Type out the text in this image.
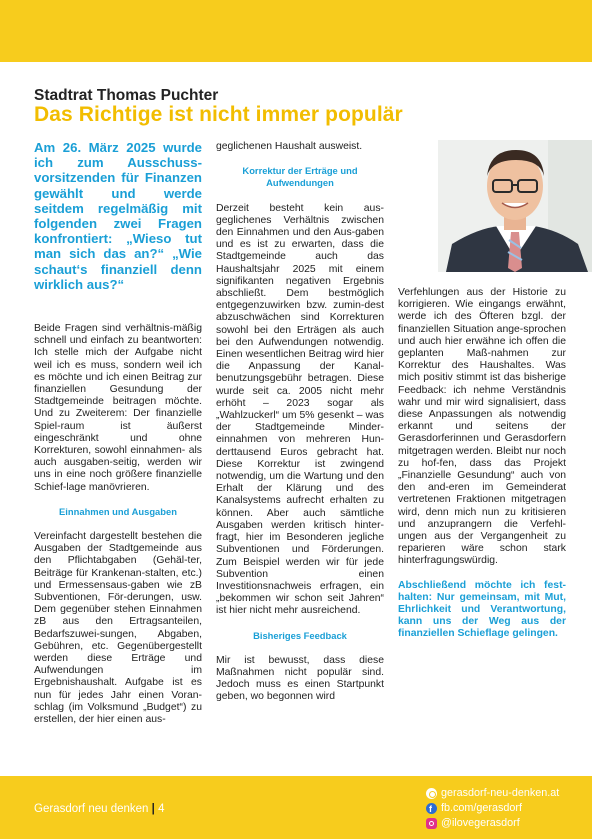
Stadtrat Thomas Puchter
Das Richtige ist nicht immer populär
Am 26. März 2025 wurde ich zum Ausschuss-vorsitzenden für Finanzen gewählt und werde seitdem regelmäßig mit folgenden zwei Fragen konfrontiert: „Wieso tut man sich das an?“ „Wie schaut‘s finanziell denn wirklich aus?“

Beide Fragen sind verhältnis-mäßig schnell und einfach zu beantworten: Ich stelle mich der Aufgabe nicht weil ich es muss, sondern weil ich es möchte und ich einen Beitrag zur finanziellen Gesundung der Stadtgemeinde beitragen möchte. Und zu Zweiterem: Der finanzielle Spiel-raum ist äußerst eingeschränkt und ohne Korrekturen, sowohl einnahmen- als auch ausgaben-seitig, werden wir uns in eine noch größere finanzielle Schief-lage manövrieren.

Einnahmen und Ausgaben

Vereinfacht dargestellt bestehen die Ausgaben der Stadtgemeinde aus den Pflichtabgaben (Gehäl-ter, Beiträge für Krankenan-stalten, etc.) und Ermessensaus-gaben wie zB Subventionen, För-derungen, usw. Dem gegenüber stehen Einnahmen zB aus den Ertragsanteilen, Bedarfszuwei-sungen, Abgaben, Gebühren, etc. Gegenübergestellt werden diese Erträge und Aufwendungen im Ergebnishaushalt. Aufgabe ist es nun für jedes Jahr einen Voran-schlag (im Volksmund „Budget“) zu erstellen, der hier einen aus-

geglichenen Haushalt ausweist.

Korrektur der Erträge und Aufwendungen

Derzeit besteht kein aus-geglichenes Verhältnis zwischen den Einnahmen und den Aus-gaben und es ist zu erwarten, dass die Stadtgemeinde auch das Haushaltsjahr 2025 mit einem signifikanten negativen Ergebnis abschließt. Dem bestmöglich entgegenzuwirken bzw. zumin-dest abzuschwächen sind Korrekturen sowohl bei den Erträgen als auch bei den Aufwendungen notwendig. Einen wesentlichen Beitrag wird hier die Anpassung der Kanal-benutzungsgebühr betragen. Diese wurde seit ca. 2005 nicht mehr erhöht – 2023 sogar als „Wahlzuckerl“ um 5% gesenkt – was der Stadtgemeinde Minder-einnahmen von mehreren Hun-derttausend Euros gebracht hat. Diese Korrektur ist zwingend notwendig, um die Wartung und den Erhalt der Klärung und des Kanalsystems aufrecht erhalten zu können. Aber auch sämtliche Ausgaben werden kritisch hinter-fragt, hier im Besonderen jegliche Subventionen und Förderungen. Zum Beispiel werden wir für jede Subvention einen Investitionsnachweis erfragen, ein „bekommen wir schon seit Jahren“ ist hier nicht mehr ausreichend.

Bisheriges Feedback

Mir ist bewusst, dass diese Maßnahmen nicht populär sind. Jedoch muss es einen Startpunkt geben, wo begonnen wird

Verfehlungen aus der Historie zu korrigieren. Wie eingangs erwähnt, werde ich des Öfteren bzgl. der finanziellen Situation ange-sprochen und auch hier erwähne ich offen die geplanten Maß-nahmen zur Korrektur des Haushaltes. Was mich positiv stimmt ist das bisherige Feedback: ich nehme Verständnis wahr und mir wird signalisiert, dass diese Anpassungen als notwendig erkannt und seitens der Gerasdorferinnen und Gerasdorfern mitgetragen werden. Bleibt nur noch zu hof-fen, dass das Projekt „Finanzielle Gesundung“ auch von den and-eren im Gemeinderat vertretenen Fraktionen mitgetragen wird, denn mich nun zu kritisieren und anzuprangern die Verfehl-ungen aus der Vergangenheit zu reparieren wäre schon stark hinterfragungswürdig.

Abschließend möchte ich fest-halten: Nur gemeinsam, mit Mut, Ehrlichkeit und Verantwortung, kann uns der Weg aus der finanziellen Schieflage gelingen.

Gerasdorf neu denken | 4
gerasdorf-neu-denken.at
f
fb.com/gerasdorf
@ilovegerasdorf
